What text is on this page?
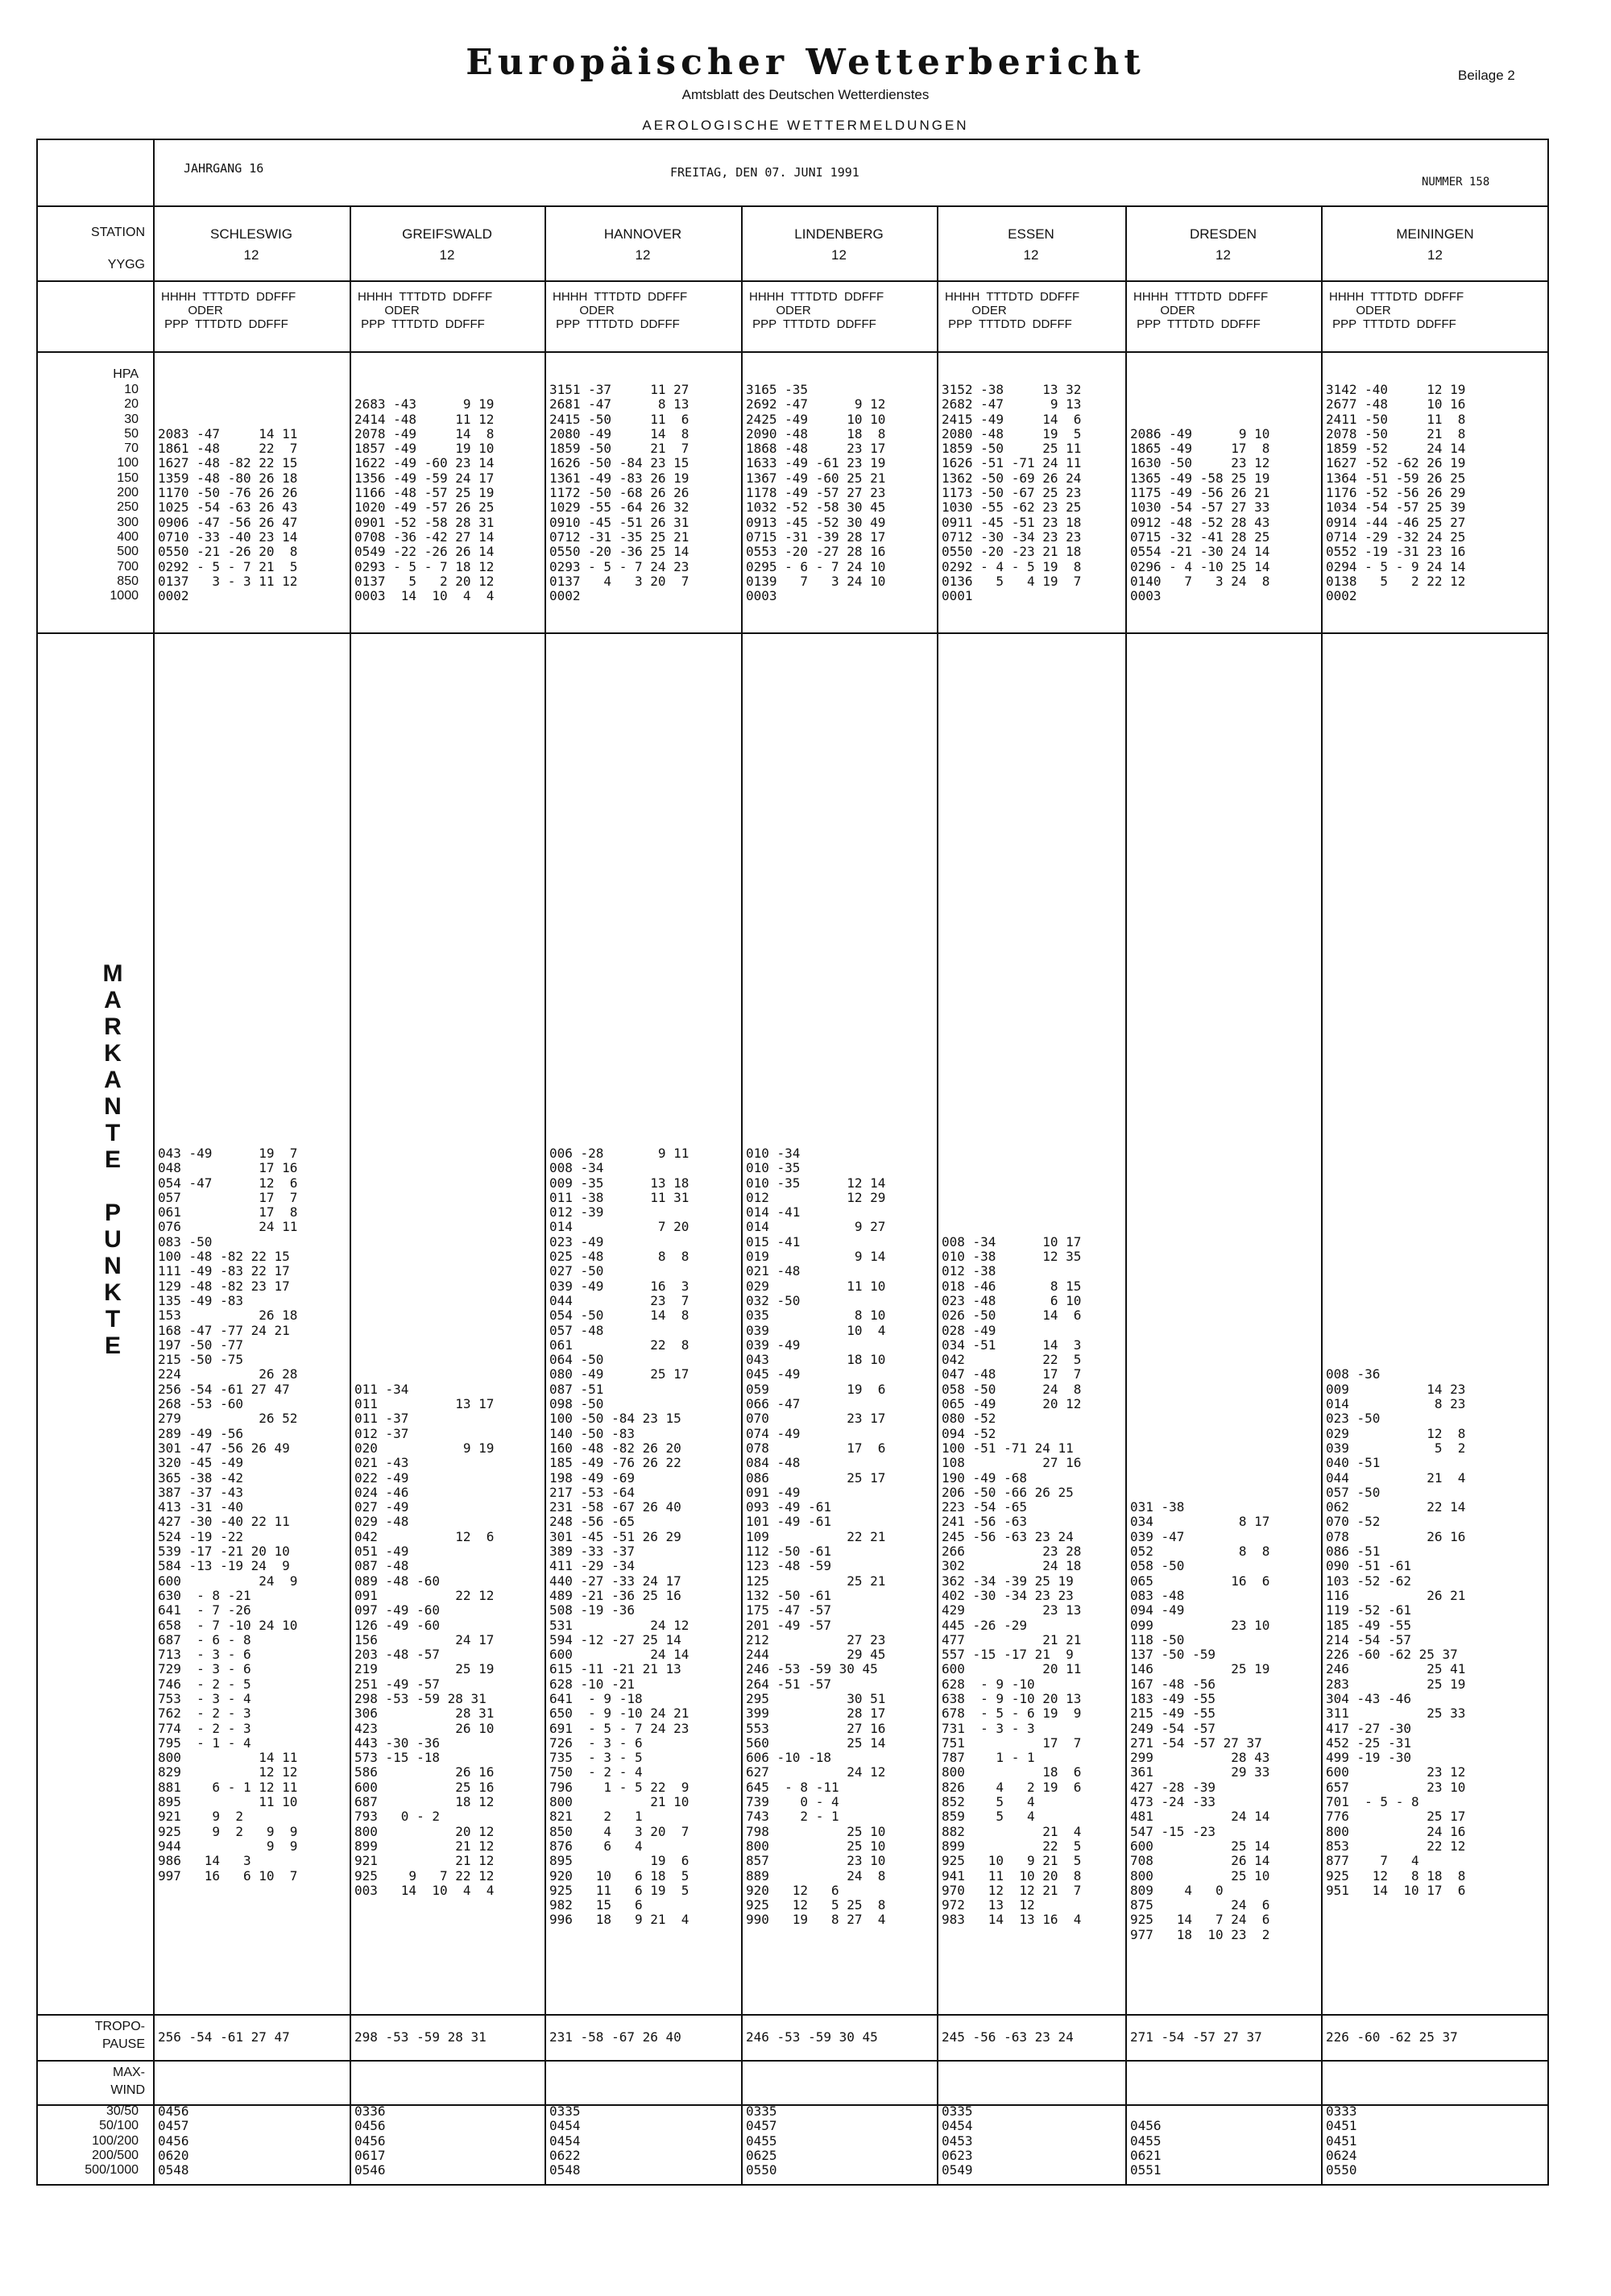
Europäischer Wetterbericht
Amtsblatt des Deutschen Wetterdienstes
AEROLOGISCHE WETTERMELDUNGEN
Beilage 2
JAHRGANG 16	FREITAG, DEN 07. JUNI 1991
NUMMER 158
STATION
YYGG
HPA
10
20
30
50
70
100
150
200
250
300
400
500
700
850
1000
M
A
R
K
A
N
T
E
P
U
N
K
T
E
TROPO-
PAUSE
MAX-
WIND
30/50
50/100
100/200
200/500
500/1000
SCHLESWIG
12
HHHH  TTTDTD  DDFFF
ODER
PPP  TTTDTD  DDFFF

2083 -47     14 11
1861 -48     22  7
1627 -48 -82 22 15
1359 -48 -80 26 18
1170 -50 -76 26 26
1025 -54 -63 26 43
0906 -47 -56 26 47
0710 -33 -40 23 14
0550 -21 -26 20  8
0292 - 5 - 7 21  5
0137   3 - 3 11 12
0002
043 -49      19  7
048          17 16
054 -47      12  6
057          17  7
061          17  8
076          24 11
083 -50
100 -48 -82 22 15
111 -49 -83 22 17
129 -48 -82 23 17
135 -49 -83
153          26 18
168 -47 -77 24 21
197 -50 -77
215 -50 -75
224          26 28
256 -54 -61 27 47
268 -53 -60
279          26 52
289 -49 -56
301 -47 -56 26 49
320 -45 -49
365 -38 -42
387 -37 -43
413 -31 -40
427 -30 -40 22 11
524 -19 -22
539 -17 -21 20 10
584 -13 -19 24  9
600          24  9
630  - 8 -21
641  - 7 -26
658  - 7 -10 24 10
687  - 6 - 8
713  - 3 - 6
729  - 3 - 6
746  - 2 - 5
753  - 3 - 4
762  - 2 - 3
774  - 2 - 3
795  - 1 - 4
800          14 11
829          12 12
881    6 - 1 12 11
895          11 10
921    9  2
925    9  2   9  9
944           9  9
986   14   3
997   16   6 10  7
256 -54 -61 27 47
0456
0457
0456
0620
0548
GREIFSWALD
12
HHHH  TTTDTD  DDFFF
ODER
PPP  TTTDTD  DDFFF

2683 -43      9 19
2414 -48     11 12
2078 -49     14  8
1857 -49     19 10
1622 -49 -60 23 14
1356 -49 -59 24 17
1166 -48 -57 25 19
1020 -49 -57 26 25
0901 -52 -58 28 31
0708 -36 -42 27 14
0549 -22 -26 26 14
0293 - 5 - 7 18 12
0137   5   2 20 12
0003  14  10  4  4

011 -34
011          13 17
011 -37
012 -37
020           9 19
021 -43
022 -49
024 -46
027 -49
029 -48
042          12  6
051 -49
087 -48
089 -48 -60
091          22 12
097 -49 -60
126 -49 -60
156          24 17
203 -48 -57
219          25 19
251 -49 -57
298 -53 -59 28 31
306          28 31
423          26 10
443 -30 -36
573 -15 -18
586          26 16
600          25 16
687          18 12
793   0 - 2
800          20 12
899          21 12
921          21 12
925    9   7 22 12
003   14  10  4  4
298 -53 -59 28 31
0336
0456
0456
0617
0546
HANNOVER
12
HHHH  TTTDTD  DDFFF
ODER
PPP  TTTDTD  DDFFF
3151 -37     11 27
2681 -47      8 13
2415 -50     11  6
2080 -49     14  8
1859 -50     21  7
1626 -50 -84 23 15
1361 -49 -83 26 19
1172 -50 -68 26 26
1029 -55 -64 26 32
0910 -45 -51 26 31
0712 -31 -35 25 21
0550 -20 -36 25 14
0293 - 5 - 7 24 23
0137   4   3 20  7
0002
006 -28       9 11
008 -34
009 -35      13 18
011 -38      11 31
012 -39
014           7 20
023 -49
025 -48       8  8
027 -50
039 -49      16  3
044          23  7
054 -50      14  8
057 -48
061          22  8
064 -50
080 -49      25 17
087 -51
098 -50
100 -50 -84 23 15
140 -50 -83
160 -48 -82 26 20
185 -49 -76 26 22
198 -49 -69
217 -53 -64
231 -58 -67 26 40
248 -56 -65
301 -45 -51 26 29
389 -33 -37
411 -29 -34
440 -27 -33 24 17
489 -21 -36 25 16
508 -19 -36
531          24 12
594 -12 -27 25 14
600          24 14
615 -11 -21 21 13
628 -10 -21
641  - 9 -18
650  - 9 -10 24 21
691  - 5 - 7 24 23
726  - 3 - 6
735  - 3 - 5
750  - 2 - 4
796    1 - 5 22  9
800          21 10
821    2   1
850    4   3 20  7
876    6   4
895          19  6
920   10   6 18  5
925   11   6 19  5
982   15   6
996   18   9 21  4
231 -58 -67 26 40
0335
0454
0454
0622
0548
LINDENBERG
12
HHHH  TTTDTD  DDFFF
ODER
PPP  TTTDTD  DDFFF
3165 -35
2692 -47      9 12
2425 -49     10 10
2090 -48     18  8
1868 -48     23 17
1633 -49 -61 23 19
1367 -49 -60 25 21
1178 -49 -57 27 23
1032 -52 -58 30 45
0913 -45 -52 30 49
0715 -31 -39 28 17
0553 -20 -27 28 16
0295 - 6 - 7 24 10
0139   7   3 24 10
0003
010 -34
010 -35
010 -35      12 14
012          12 29
014 -41
014           9 27
015 -41
019           9 14
021 -48
029          11 10
032 -50
035           8 10
039          10  4
039 -49
043          18 10
045 -49
059          19  6
066 -47
070          23 17
074 -49
078          17  6
084 -48
086          25 17
091 -49
093 -49 -61
101 -49 -61
109          22 21
112 -50 -61
123 -48 -59
125          25 21
132 -50 -61
175 -47 -57
201 -49 -57
212          27 23
244          29 45
246 -53 -59 30 45
264 -51 -57
295          30 51
399          28 17
553          27 16
560          25 14
606 -10 -18
627          24 12
645  - 8 -11
739    0 - 4
743    2 - 1
798          25 10
800          25 10
857          23 10
889          24  8
920   12   6
925   12   5 25  8
990   19   8 27  4
246 -53 -59 30 45
0335
0457
0455
0625
0550
ESSEN
12
HHHH  TTTDTD  DDFFF
ODER
PPP  TTTDTD  DDFFF
3152 -38     13 32
2682 -47      9 13
2415 -49     14  6
2080 -48     19  5
1859 -50     25 11
1626 -51 -71 24 11
1362 -50 -69 26 24
1173 -50 -67 25 23
1030 -55 -62 23 25
0911 -45 -51 23 18
0712 -30 -34 23 23
0550 -20 -23 21 18
0292 - 4 - 5 19  8
0136   5   4 19  7
0001

008 -34      10 17
010 -38      12 35
012 -38
018 -46       8 15
023 -48       6 10
026 -50      14  6
028 -49
034 -51      14  3
042          22  5
047 -48      17  7
058 -50      24  8
065 -49      20 12
080 -52
094 -52
100 -51 -71 24 11
108          27 16
190 -49 -68
206 -50 -66 26 25
223 -54 -65
241 -56 -63
245 -56 -63 23 24
266          23 28
302          24 18
362 -34 -39 25 19
402 -30 -34 23 23
429          23 13
445 -26 -29
477          21 21
557 -15 -17 21  9
600          20 11
628  - 9 -10
638  - 9 -10 20 13
678  - 5 - 6 19  9
731  - 3 - 3
751          17  7
787    1 - 1
800          18  6
826    4   2 19  6
852    5   4
859    5   4
882          21  4
899          22  5
925   10   9 21  5
941   11  10 20  8
970   12  12 21  7
972   13  12
983   14  13 16  4
245 -56 -63 23 24
0335
0454
0453
0623
0549
DRESDEN
12
HHHH  TTTDTD  DDFFF
ODER
PPP  TTTDTD  DDFFF

2086 -49      9 10
1865 -49     17  8
1630 -50     23 12
1365 -49 -58 25 19
1175 -49 -56 26 21
1030 -54 -57 27 33
0912 -48 -52 28 43
0715 -32 -41 28 25
0554 -21 -30 24 14
0296 - 4 -10 25 14
0140   7   3 24  8
0003

031 -38
034           8 17
039 -47
052           8  8
058 -50
065          16  6
083 -48
094 -49
099          23 10
118 -50
137 -50 -59
146          25 19
167 -48 -56
183 -49 -55
215 -49 -55
249 -54 -57
271 -54 -57 27 37
299          28 43
361          29 33
427 -28 -39
473 -24 -33
481          24 14
547 -15 -23
600          25 14
708          26 14
800          25 10
809    4   0
875          24  6
925   14   7 24  6
977   18  10 23  2
271 -54 -57 27 37

0456
0455
0621
0551
MEININGEN
12
HHHH  TTTDTD  DDFFF
ODER
PPP  TTTDTD  DDFFF
3142 -40     12 19
2677 -48     10 16
2411 -50     11  8
2078 -50     21  8
1859 -52     24 14
1627 -52 -62 26 19
1364 -51 -59 26 25
1176 -52 -56 26 29
1034 -54 -57 25 39
0914 -44 -46 25 27
0714 -29 -32 24 25
0552 -19 -31 23 16
0294 - 5 - 9 24 14
0138   5   2 22 12
0002

008 -36
009          14 23
014           8 23
023 -50
029          12  8
039           5  2
040 -51
044          21  4
057 -50
062          22 14
070 -52
078          26 16
086 -51
090 -51 -61
103 -52 -62
116          26 21
119 -52 -61
185 -49 -55
214 -54 -57
226 -60 -62 25 37
246          25 41
283          25 19
304 -43 -46
311          25 33
417 -27 -30
452 -25 -31
499 -19 -30
600          23 12
657          23 10
701  - 5 - 8
776          25 17
800          24 16
853          22 12
877    7   4
925   12   8 18  8
951   14  10 17  6
226 -60 -62 25 37
0333
0451
0451
0624
0550
